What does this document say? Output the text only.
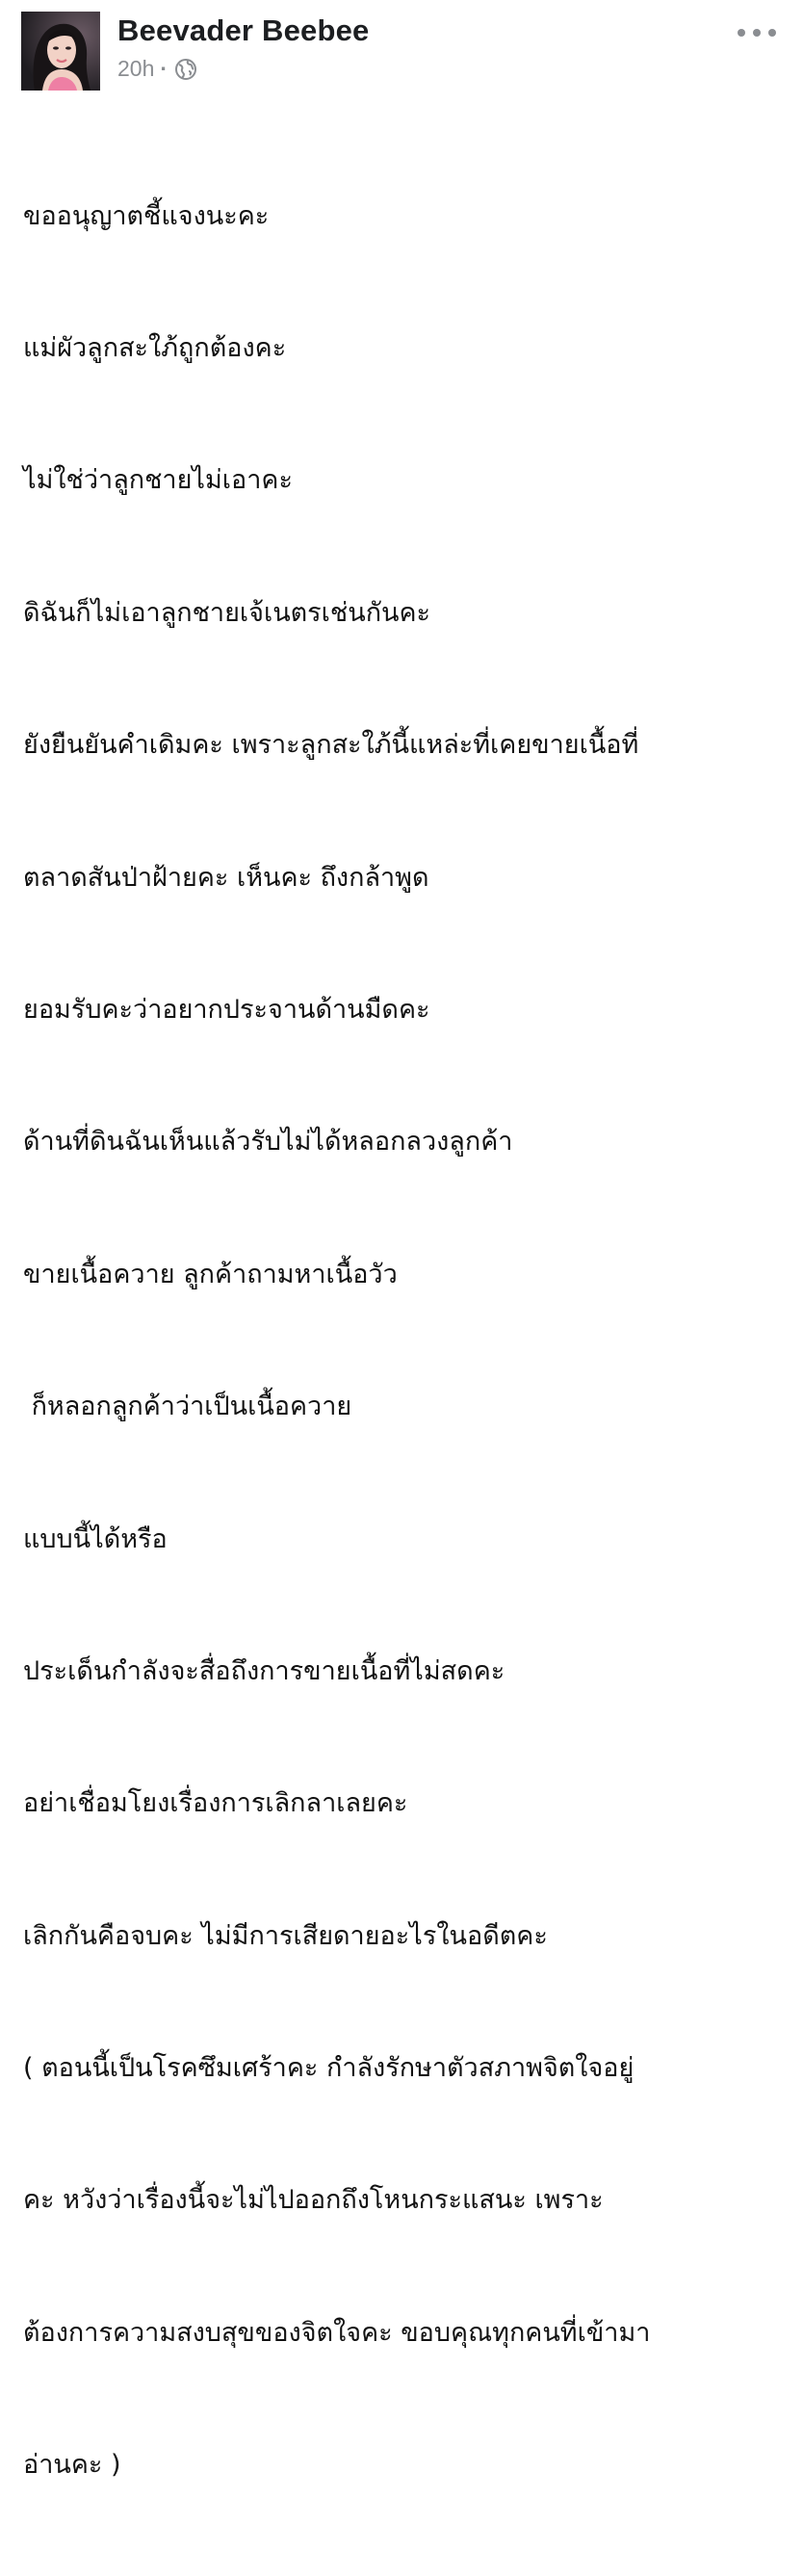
Beevader Beebee
20h ·

ขออนุญาตชี้แจงนะคะ

แม่ผัวลูกสะใภ้ถูกต้องคะ

ไม่ใช่ว่าลูกชายไม่เอาคะ

ดิฉันก็ไม่เอาลูกชายเจ้เนตรเช่นกันคะ

ยังยืนยันคำเดิมคะ เพราะลูกสะใภ้นี้แหล่ะที่เคยขายเนื้อที่

ตลาดสันป่าฝ้ายคะ เห็นคะ ถึงกล้าพูด

ยอมรับคะว่าอยากประจานด้านมืดคะ

ด้านที่ดินฉันเห็นแล้วรับไม่ได้หลอกลวงลูกค้า

ขายเนื้อควาย ลูกค้าถามหาเนื้อวัว

ก็หลอกลูกค้าว่าเป็นเนื้อควาย

แบบนี้ได้หรือ

ประเด็นกำลังจะสื่อถึงการขายเนื้อที่ไม่สดคะ

อย่าเชื่อมโยงเรื่องการเลิกลาเลยคะ

เลิกกันคือจบคะ ไม่มีการเสียดายอะไรในอดีตคะ

( ตอนนี้เป็นโรคซึมเศร้าคะ กำลังรักษาตัวสภาพจิตใจอยู่

คะ หวังว่าเรื่องนี้จะไม่ไปออกถึงโหนกระแสนะ เพราะ

ต้องการความสงบสุขของจิตใจคะ ขอบคุณทุกคนที่เข้ามา

อ่านคะ )
